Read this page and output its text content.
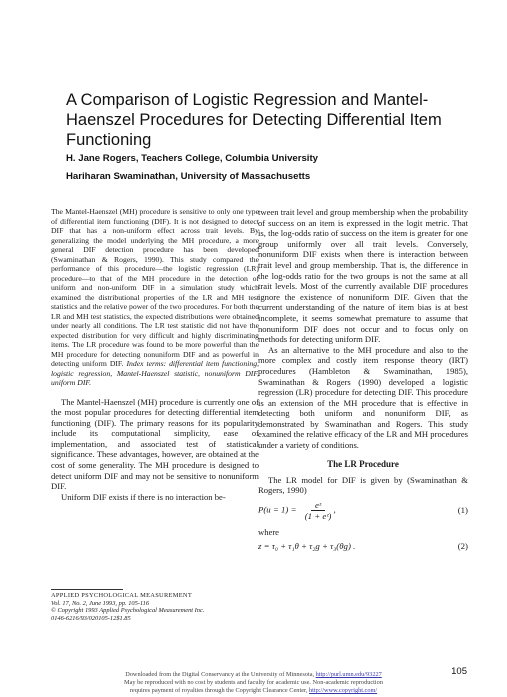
A Comparison of Logistic Regression and Mantel-Haenszel Procedures for Detecting Differential Item Functioning
H. Jane Rogers, Teachers College, Columbia University
Hariharan Swaminathan, University of Massachusetts

The Mantel-Haenszel (MH) procedure is sensitive to only one type of differential item functioning (DIF). It is not designed to detect DIF that has a non-uniform effect across trait levels. By generalizing the model underlying the MH procedure, a more general DIF detection procedure has been developed (Swaminathan & Rogers, 1990). This study compared the performance of this procedure—the logistic regression (LR) procedure—to that of the MH procedure in the detection of uniform and non-uniform DIF in a simulation study which examined the distributional properties of the LR and MH test statistics and the relative power of the two procedures. For both the LR and MH test statistics, the expected distributions were obtained under nearly all conditions. The LR test statistic did not have the expected distribution for very difficult and highly discriminating items. The LR procedure was found to be more powerful than the MH procedure for detecting nonuniform DIF and as powerful in detecting uniform DIF. Index terms: differential item functioning, logistic regression, Mantel-Haenszel statistic, nonuniform DIF, uniform DIF.

The Mantel-Haenszel (MH) procedure is currently one of the most popular procedures for detecting differential item functioning (DIF). The primary reasons for its popularity include its computational simplicity, ease of implementation, and associated test of statistical significance. These advantages, however, are obtained at the cost of some generality. The MH procedure is designed to detect uniform DIF and may not be sensitive to nonuniform DIF.

Uniform DIF exists if there is no interaction be-

tween trait level and group membership when the probability of success on an item is expressed in the logit metric. That is, the log-odds ratio of success on the item is greater for one group uniformly over all trait levels. Conversely, nonuniform DIF exists when there is interaction between trait level and group membership. That is, the difference in the log-odds ratio for the two groups is not the same at all trait levels. Most of the currently available DIF procedures ignore the existence of nonuniform DIF. Given that the current understanding of the nature of item bias is at best incomplete, it seems somewhat premature to assume that nonuniform DIF does not occur and to focus only on methods for detecting uniform DIF.

As an alternative to the MH procedure and also to the more complex and costly item response theory (IRT) procedures (Hambleton & Swaminathan, 1985), Swaminathan & Rogers (1990) developed a logistic regression (LR) procedure for detecting DIF. This procedure is an extension of the MH procedure that is effective in detecting both uniform and nonuniform DIF, as demonstrated by Swaminathan and Rogers. This study examined the relative efficacy of the LR and MH procedures under a variety of conditions.

The LR Procedure

The LR model for DIF is given by (Swaminathan & Rogers, 1990)

$P(u = 1) = \frac{\text{eᶻ}}{\text{(1 + eᶻ)}}$ ,	(1)
where
z = τ₀ + τ₁θ + τ₂g + τ₃(θg) .	(2)
APPLIED PSYCHOLOGICAL MEASUREMENT
Vol. 17, No. 2, June 1993, pp. 105-116
© Copyright 1993 Applied Psychological Measurement Inc.
0146-6216/93/020105-12$1.85
105
Downloaded from the Digital Conservancy at the University of Minnesota, http://purl.umn.edu/93227
May be reproduced with no cost by students and faculty for academic use. Non-academic reproduction
requires payment of royalties through the Copyright Clearance Center, http://www.copyright.com/
